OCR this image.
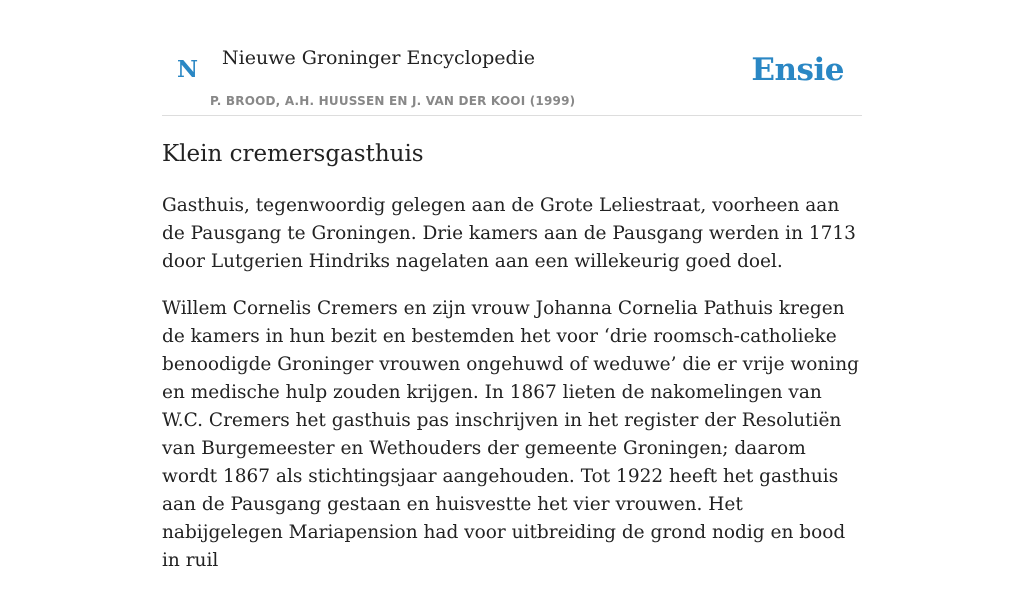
N Nieuwe Groninger Encyclopedie
P. BROOD, A.H. HUUSSEN EN J. VAN DER KOOI (1999)
Ensie
Klein cremersgasthuis

Gasthuis, tegenwoordig gelegen aan de Grote Leliestraat, voorheen aan de Pausgang te Groningen. Drie kamers aan de Pausgang werden in 1713 door Lutgerien Hindriks nagelaten aan een willekeurig goed doel.

Willem Cornelis Cremers en zijn vrouw Johanna Cornelia Pathuis kregen de kamers in hun bezit en bestemden het voor ‘drie roomsch-catholieke benoodigde Groninger vrouwen ongehuwd of weduwe’ die er vrije woning en medische hulp zouden krijgen. In 1867 lieten de nakomelingen van W.C. Cremers het gasthuis pas inschrijven in het register der Resolutiën van Burgemeester en Wethouders der gemeente Groningen; daarom wordt 1867 als stichtingsjaar aangehouden. Tot 1922 heeft het gasthuis aan de Pausgang gestaan en huisvestte het vier vrouwen. Het nabijgelegen Mariapension had voor uitbreiding de grond nodig en bood in ruil
